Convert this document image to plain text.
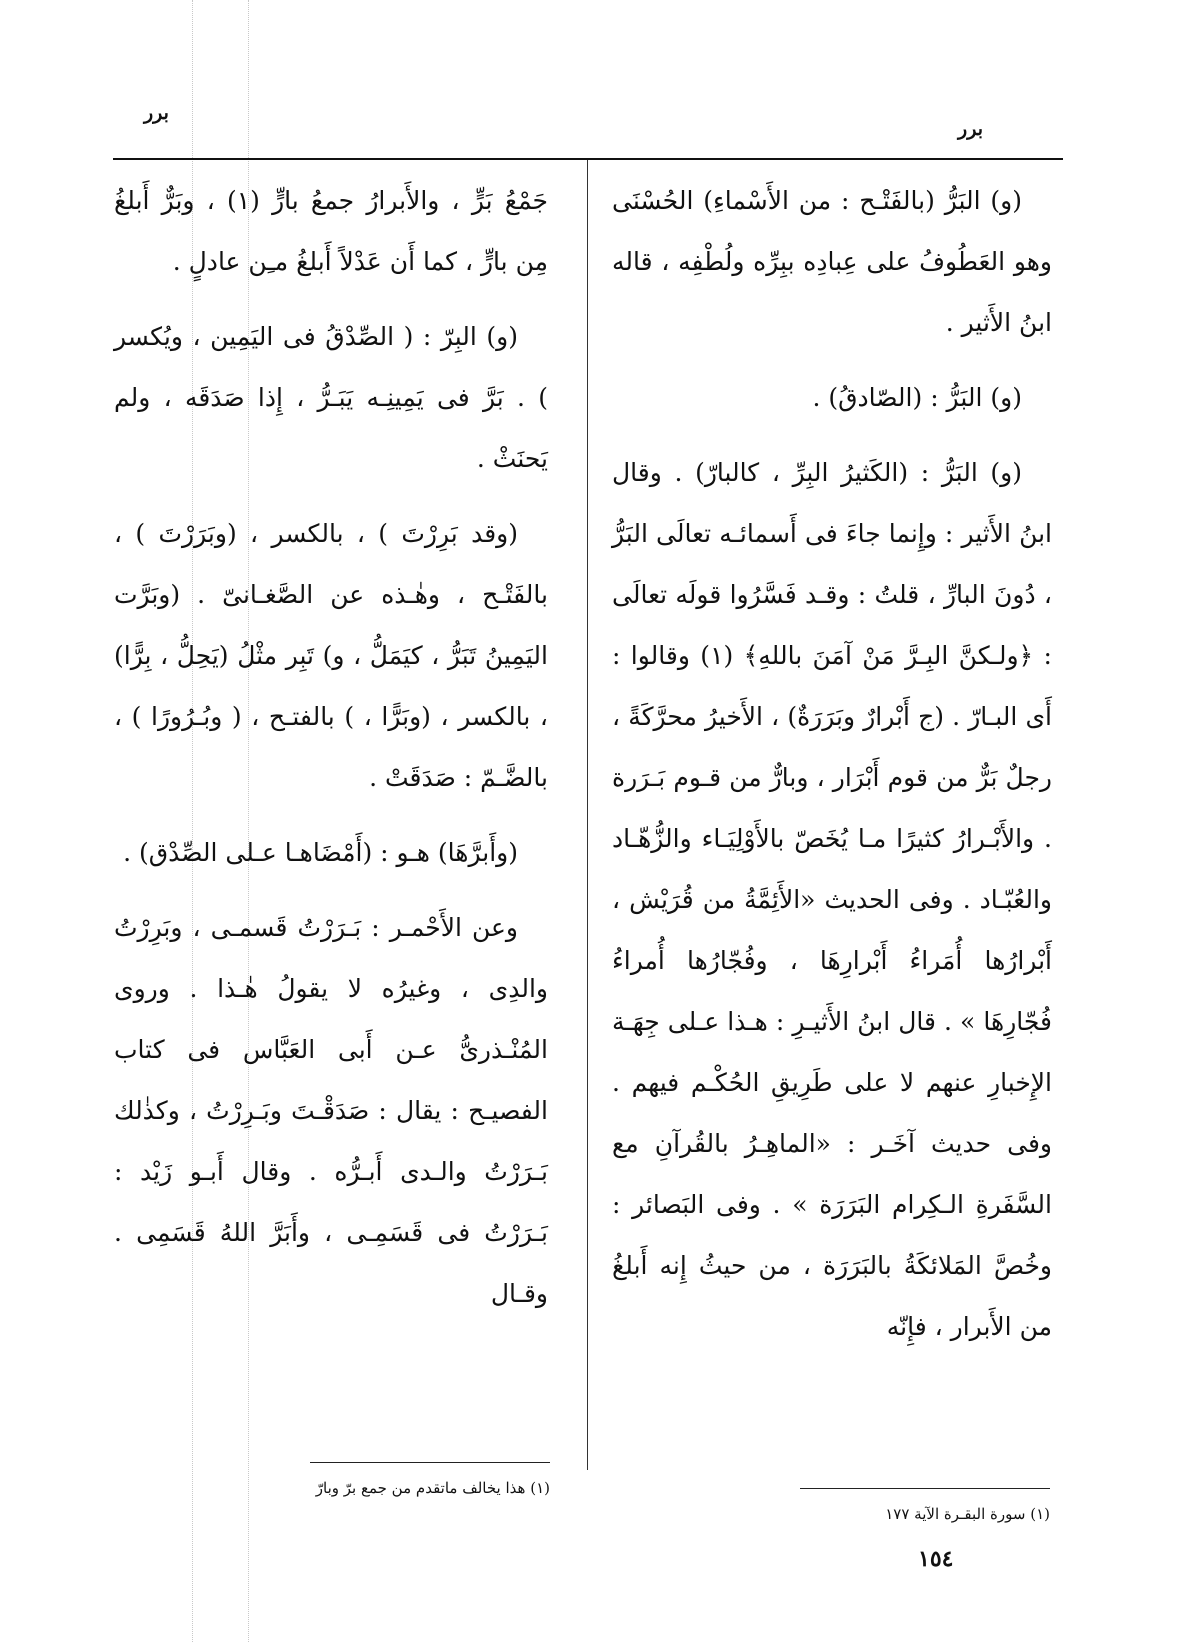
برر
برر

(و) البَرُّ (بالفَتْـح : من الأَسْماءِ) الحُسْنَى وهو العَطُوفُ على عِبادِه ببِرِّه ولُطْفِه ، قاله ابنُ الأَثير .

(و) البَرُّ : (الصّادقُ) .

(و) البَرُّ : (الكَثيرُ البِرِّ ، كالبارّ) . وقال ابنُ الأَثير : وإِنما جاءَ فى أَسمائـه تعالَى البَرُّ ، دُونَ البارِّ ، قلتُ : وقـد فَسَّرُوا قولَه تعالَى : ﴿ولـكنَّ البِـرَّ مَنْ آمَنَ باللهِ﴾ (١) وقالوا : أَى البـارّ . (ج أَبْرارٌ وبَرَرَةٌ) ، الأَخيرُ محرَّكَةً ، رجلٌ بَرٌّ من قوم أَبْرَار ، وبارٌّ من قـوم بَـرَرة . والأَبْـرارُ كثيرًا مـا يُخَصّ بالأَوْلِيَـاء والزُّهّـاد والعُبّـاد . وفى الحديث «الأَئِمَّةُ من قُرَيْش ، أَبْرارُها أُمَراءُ أَبْرارِهَا ، وفُجّارُها أُمراءُ فُجّارِهَا » . قال ابنُ الأَثيـرِ : هـذا عـلى جِهَـة الإِخبارِ عنهم لا على طَرِيقِ الحُكْـم فيهم . وفى حديث آخَـر : «الماهِـرُ بالقُرآنِ مع السَّفَرةِ الـكِرام البَرَرَة » . وفى البَصائر : وخُصَّ المَلائكَةُ بالبَرَرَة ، من حيثُ إِنه أَبلغُ من الأَبرار ، فإِنّه

جَمْعُ بَرٍّ ، والأَبرارُ جمعُ بارٍّ (١) ، وبَرٌّ أَبلغُ مِن بارٍّ ، كما أَن عَدْلاً أَبلغُ مـِن عادلٍ .

(و) البِرّ : ( الصِّدْقُ فى اليَمِين ، ويُكسر ) . بَرَّ فى يَمِينِـه يَبَـرُّ ، إِذا صَدَقَه ، ولم يَحنَثْ .

(وقد بَرِرْتَ ) ، بالكسر ، (وبَرَرْتَ ) ، بالفَتْـح ، وهٰـذه عن الصَّغـانىّ . (وبَرَّت اليَمِينُ تَبَرُّ ، كيَمَلُّ ، و) تَبِر مثْلُ (يَحِلُّ ، بِرًّا) ، بالكسر ، (وبَرًّا ، ) بالفتـح ، ( وبُـرُورًا ) ، بالضَّـمّ : صَدَقَتْ .

(وأَبرَّهَا) هـو : (أَمْضَاهـا عـلى الصِّدْق) .

وعن الأَحْمـر : بَـرَرْتُ قَسمـى ، وبَرِرْتُ والدِى ، وغيرُه لا يقولُ هٰـذا . وروى المُنْـذرىُّ عـن أَبى العَبَّاس فى كتاب الفصيـح : يقال : صَدَقْـتَ وبَـرِرْتُ ، وكذٰلك بَـرَرْتُ والـدى أَبـرُّه . وقال أَبـو زَيْد : بَـرَرْتُ فى قَسَمِـى ، وأَبَرَّ اللهُ قَسَمِى . وقـال

(١) هذا يخالف ماتقدم من جمع برّ وبارّ
(١) سورة البقـرة الآية ١٧٧
١٥٤
